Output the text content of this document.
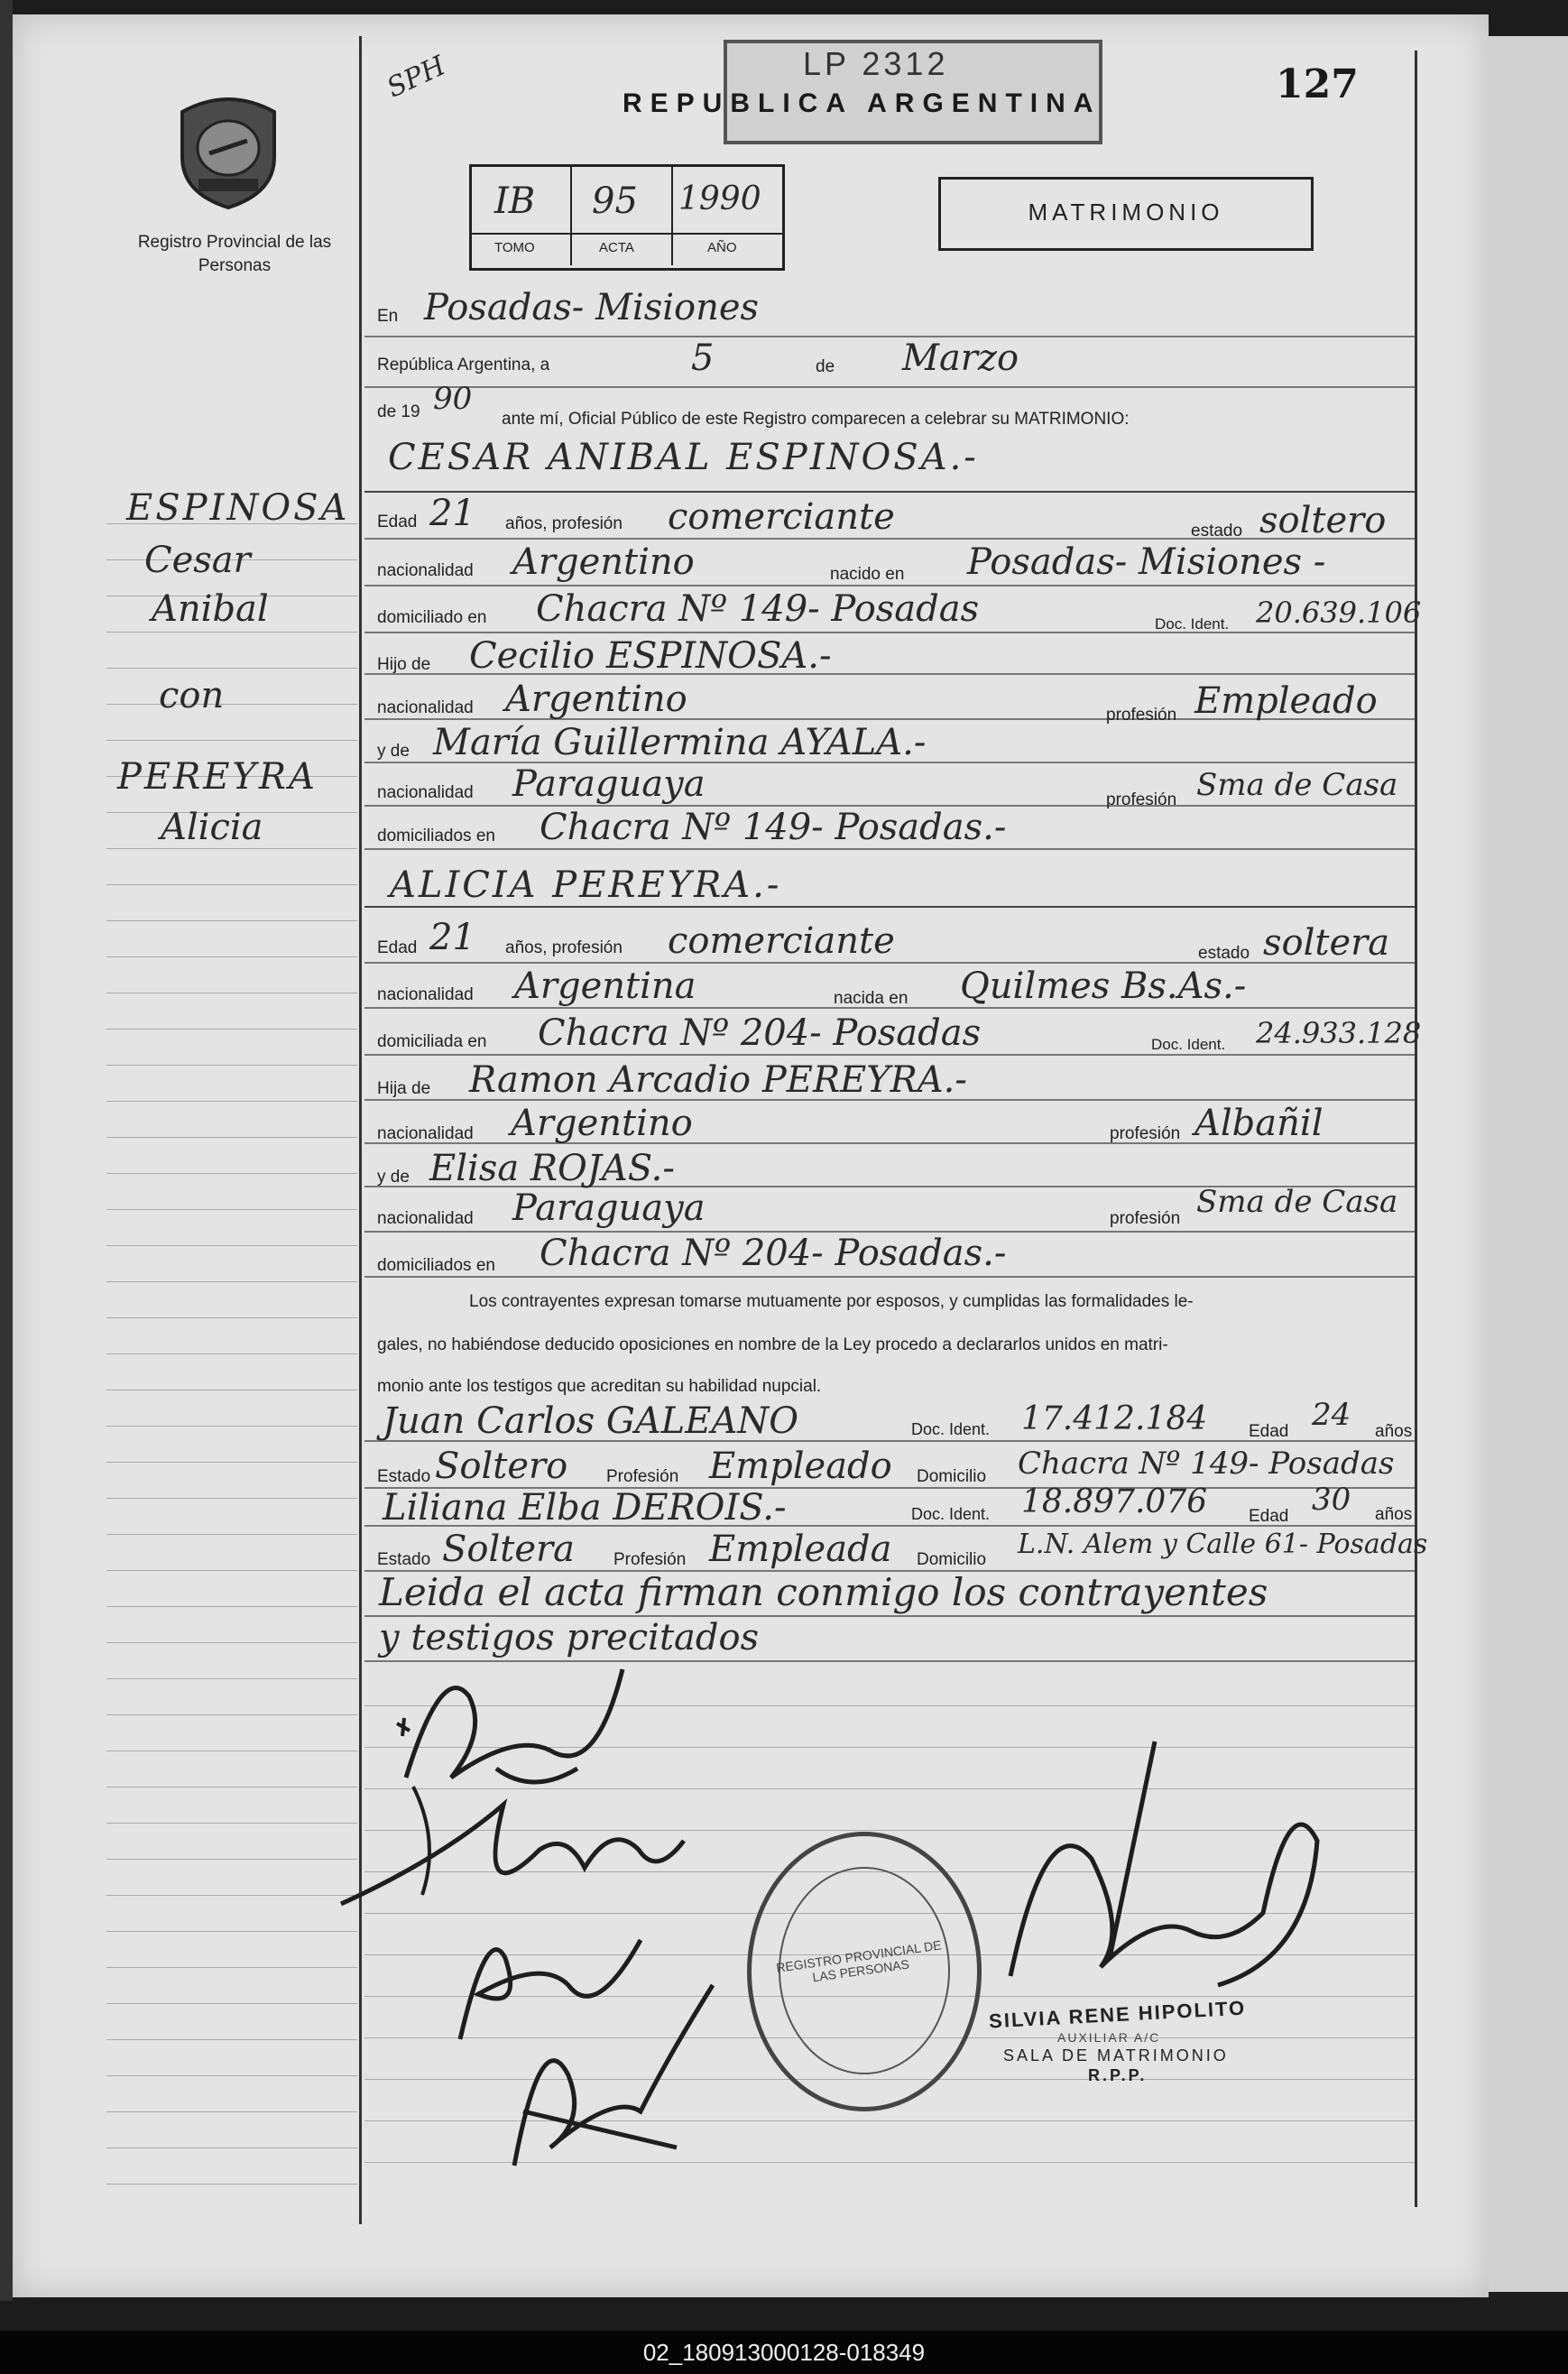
Registro Provincial de las Personas
LP 2312
REPUBLICA ARGENTINA
SPH	127
IB 95 1990
TOMO	ACTA	AÑO
MATRIMONIO
En Posadas- Misiones
República Argentina, a	5	de Marzo
de 19 90
ante mí, Oficial Público de este Registro comparecen a celebrar su MATRIMONIO:
ESPINOSA
Cesar
Anibal
con
PEREYRA
Alicia
CESAR ANIBAL ESPINOSA.-
Edad 21 años, profesión comerciante	estado soltero
nacionalidad Argentino	nacido en Posadas- Misiones -
domiciliado en Chacra Nº 149- Posadas	Doc. Ident. 20.639.106
Hijo de Cecilio ESPINOSA.-
nacionalidad Argentino	profesión Empleado
y de María Guillermina AYALA.-
nacionalidad Paraguaya	profesión Sma de Casa
domiciliados en Chacra Nº 149- Posadas.-
ALICIA PEREYRA.-
Edad 21 años, profesión comerciante	estado soltera
nacionalidad Argentina	nacida en Quilmes Bs.As.-
domiciliada en Chacra Nº 204- Posadas	Doc. Ident. 24.933.128
Hija de Ramon Arcadio PEREYRA.-
nacionalidad Argentino	profesión Albañil
y de Elisa ROJAS.-
nacionalidad Paraguaya	profesión Sma de Casa
domiciliados en Chacra Nº 204- Posadas.-
Los contrayentes expresan tomarse mutuamente por esposos, y cumplidas las formalidades le-
gales, no habiéndose deducido oposiciones en nombre de la Ley procedo a declararlos unidos en matri-
monio ante los testigos que acreditan su habilidad nupcial.
Juan Carlos GALEANO	Doc. Ident. 17.412.184 Edad 24 años
Estado Soltero Profesión Empleado Domicilio Chacra Nº 149- Posadas
Liliana Elba DEROIS.-	Doc. Ident. 18.897.076 Edad 30 años
Estado Soltera Profesión Empleada Domicilio L.N. Alem y Calle 61- Posadas
Leida el acta firman conmigo los contrayentes
y testigos precitados
REGISTRO PROVINCIAL DE LAS PERSONAS
SILVIA RENE HIPOLITO
AUXILIAR A/C
SALA DE MATRIMONIO
R.P.P.
02_180913000128-018349
